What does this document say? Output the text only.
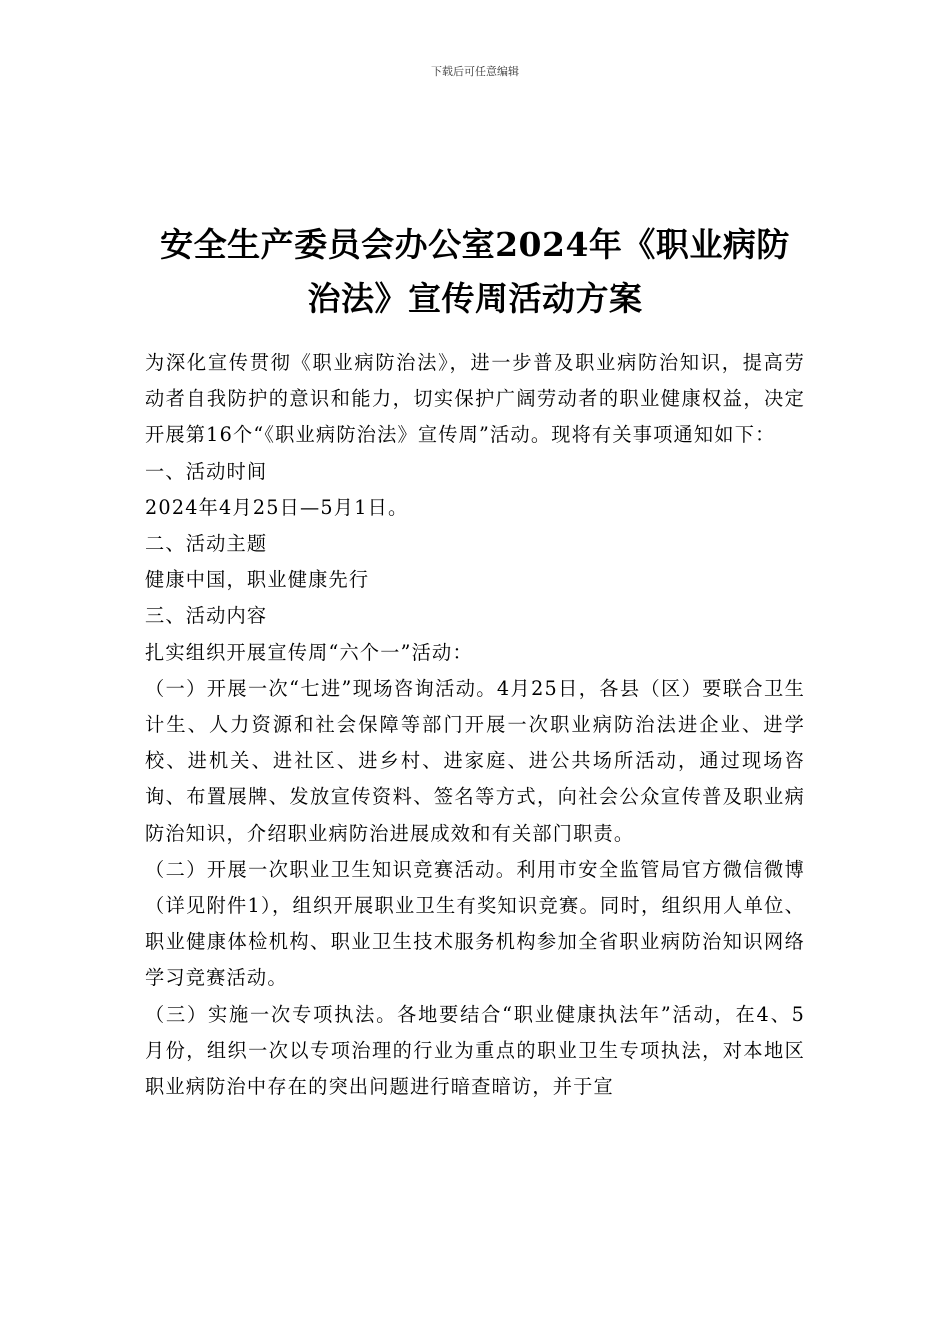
下载后可任意编辑
安全生产委员会办公室2024年《职业病防
治法》宣传周活动方案

为深化宣传贯彻《职业病防治法》，进一步普及职业病防治知识，提高劳动者自我防护的意识和能力，切实保护广阔劳动者的职业健康权益，决定开展第16个“《职业病防治法》宣传周”活动。现将有关事项通知如下：

一、活动时间

2024年4月25日—5月1日。

二、活动主题

健康中国，职业健康先行

三、活动内容

扎实组织开展宣传周“六个一”活动：

（一）开展一次“七进”现场咨询活动。4月25日，各县（区）要联合卫生计生、人力资源和社会保障等部门开展一次职业病防治法进企业、进学校、进机关、进社区、进乡村、进家庭、进公共场所活动，通过现场咨询、布置展牌、发放宣传资料、签名等方式，向社会公众宣传普及职业病防治知识，介绍职业病防治进展成效和有关部门职责。

（二）开展一次职业卫生知识竞赛活动。利用市安全监管局官方微信微博（详见附件1），组织开展职业卫生有奖知识竞赛。同时，组织用人单位、职业健康体检机构、职业卫生技术服务机构参加全省职业病防治知识网络学习竞赛活动。

（三）实施一次专项执法。各地要结合“职业健康执法年”活动，在4、5月份，组织一次以专项治理的行业为重点的职业卫生专项执法，对本地区职业病防治中存在的突出问题进行暗查暗访，并于宣
